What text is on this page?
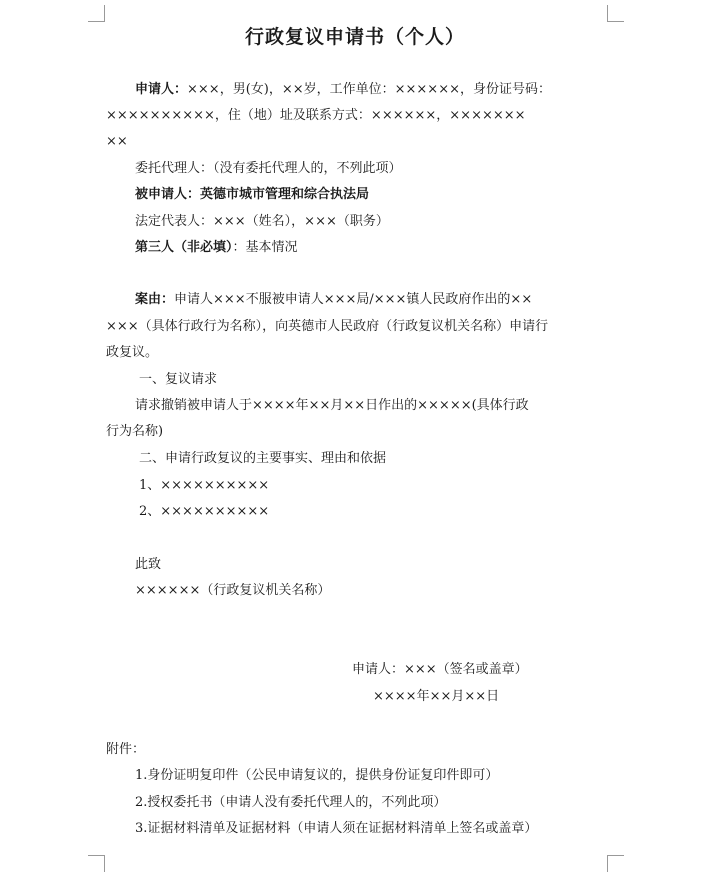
行政复议申请书（个人）
申请人：×××，男(女)，××岁，工作单位：××××××，身份证号码：
××××××××××，住（地）址及联系方式：××××××，×××××××
××
委托代理人：（没有委托代理人的，不列此项）
被申请人：英德市城市管理和综合执法局
法定代表人：×××（姓名），×××（职务）
第三人（非必填）：基本情况
案由：申请人×××不服被申请人×××局/×××镇人民政府作出的××
×××（具体行政行为名称），向英德市人民政府（行政复议机关名称）申请行
政复议。
一、复议请求
请求撤销被申请人于××××年××月××日作出的×××××(具体行政
行为名称)
二、申请行政复议的主要事实、理由和依据
1、××××××××××
2、××××××××××
此致
××××××（行政复议机关名称）
申请人：×××（签名或盖章）
××××年××月××日
附件：
1.身份证明复印件（公民申请复议的，提供身份证复印件即可）
2.授权委托书（申请人没有委托代理人的，不列此项）
3.证据材料清单及证据材料（申请人须在证据材料清单上签名或盖章）
